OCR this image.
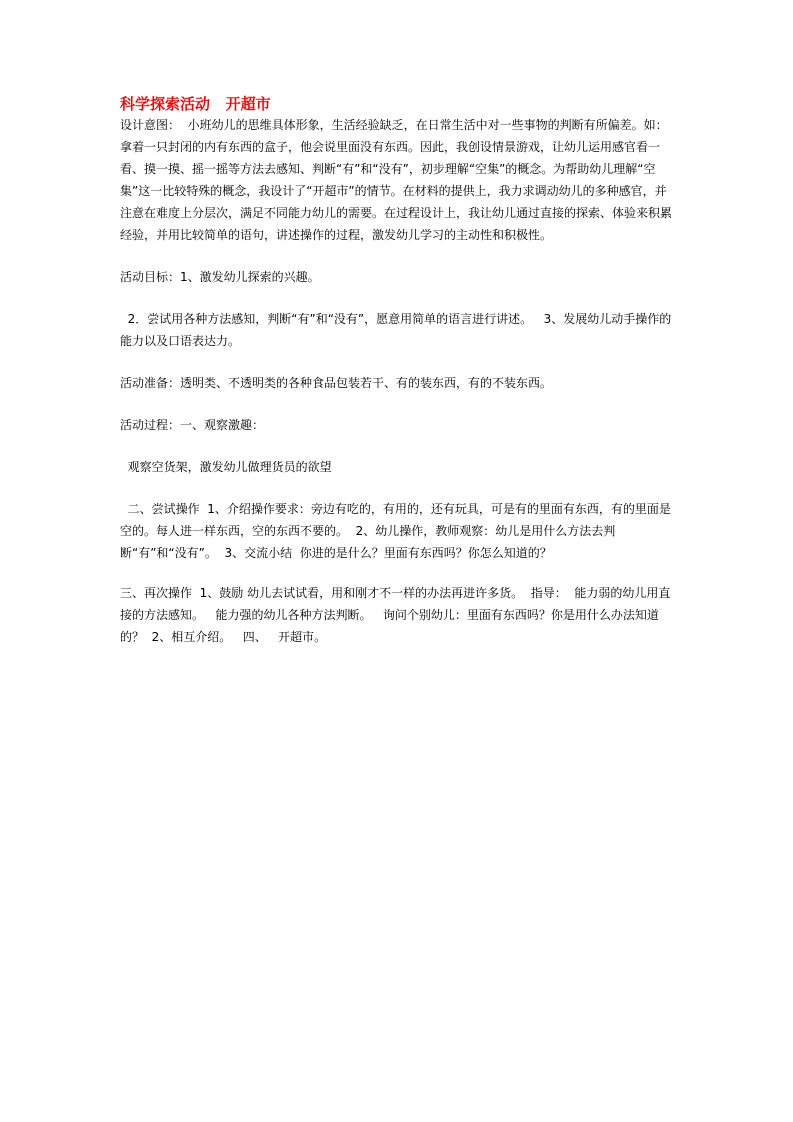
科学探索活动   开超市

设计意图：  小班幼儿的思维具体形象，生活经验缺乏，在日常生活中对一些事物的判断有所偏差。如：拿着一只封闭的内有东西的盒子，他会说里面没有东西。因此，我创设情景游戏，让幼儿运用感官看一看、摸一摸、摇一摇等方法去感知、判断“有”和“没有”，初步理解“空集”的概念。为帮助幼儿理解“空集”这一比较特殊的概念，我设计了“开超市”的情节。在材料的提供上，我力求调动幼儿的多种感官，并注意在难度上分层次，满足不同能力幼儿的需要。在过程设计上，我让幼儿通过直接的探索、体验来积累经验，并用比较简单的语句，讲述操作的过程，激发幼儿学习的主动性和积极性。

活动目标：1、激发幼儿探索的兴趣。

2．尝试用各种方法感知，判断“有”和“没有”，愿意用简单的语言进行讲述。   3、发展幼儿动手操作的能力以及口语表达力。

活动准备：透明类、不透明类的各种食品包装若干、有的装东西，有的不装东西。

活动过程：一、观察激趣：

观察空货架，激发幼儿做理货员的欲望

二、尝试操作  1、介绍操作要求：旁边有吃的，有用的，还有玩具，可是有的里面有东西，有的里面是空的。每人进一样东西，空的东西不要的。  2、幼儿操作，教师观察：幼儿是用什么方法去判断“有”和“没有”。  3、交流小结  你进的是什么？里面有东西吗？你怎么知道的？

三、再次操作  1、鼓励 幼儿去试试看，用和刚才不一样的办法再进许多货。  指导：  能力弱的幼儿用直接的方法感知。   能力强的幼儿各种方法判断。   询问个别幼儿：里面有东西吗？你是用什么办法知道的？  2、相互介绍。   四、   开超市。
